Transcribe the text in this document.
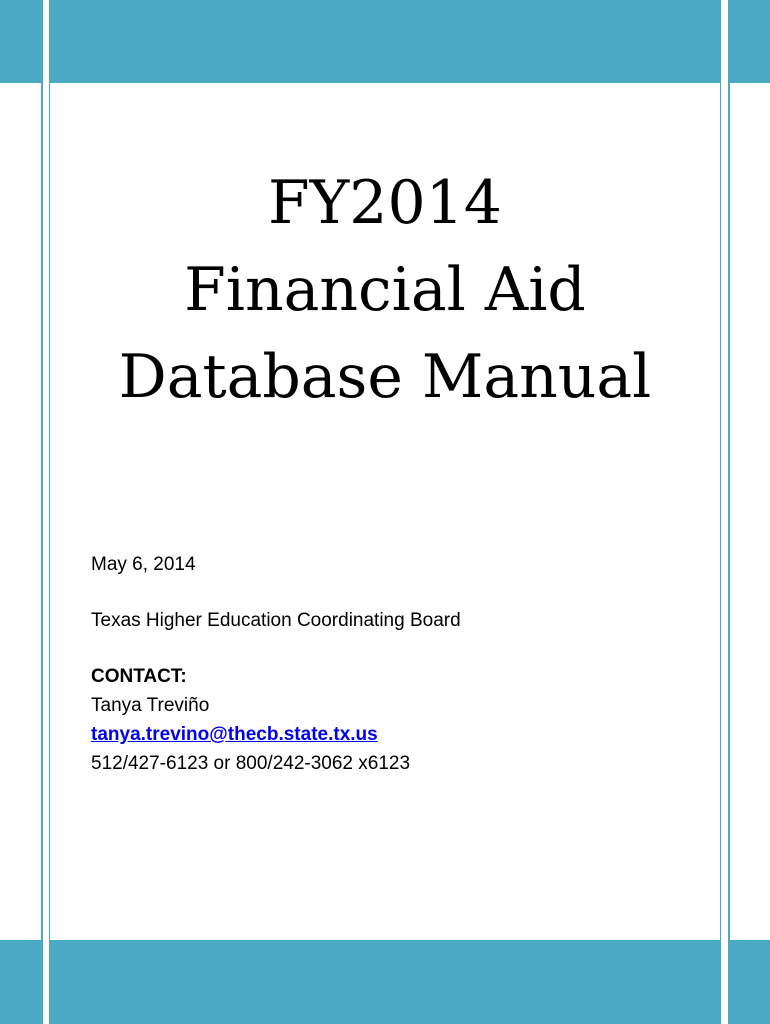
FY2014
Financial Aid
Database Manual

May 6, 2014

Texas Higher Education Coordinating Board

CONTACT:

Tanya Treviño

tanya.trevino@thecb.state.tx.us

512/427-6123 or 800/242-3062 x6123
